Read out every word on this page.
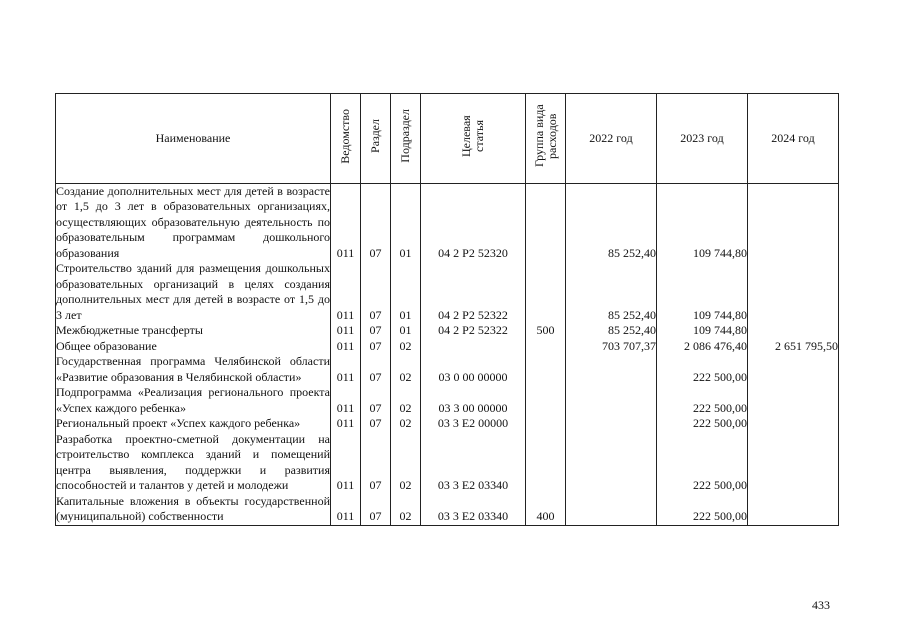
Наименование	Ведомство	Раздел	Подраздел	Целевая статья	Группа вида расходов	2022 год	2023 год	2024 год
Создание дополнительных мест для детей в возрасте от 1,5 до 3 лет в образовательных организациях, осуществляющих образовательную деятельность по образовательным программам дошкольного образования	011	07	01	04 2 Р2 52320		85 252,40	109 744,80	
Строительство зданий для размещения дошкольных образовательных организаций в целях создания дополнительных мест для детей в возрасте от 1,5 до 3 лет	011	07	01	04 2 Р2 52322		85 252,40	109 744,80	
Межбюджетные трансферты	011	07	01	04 2 Р2 52322	500	85 252,40	109 744,80	
Общее образование	011	07	02			703 707,37	2 086 476,40	2 651 795,50
Государственная программа Челябинской области «Развитие образования в Челябинской области»	011	07	02	03 0 00 00000			222 500,00	
Подпрограмма «Реализация регионального проекта «Успех каждого ребенка»	011	07	02	03 3 00 00000			222 500,00	
Региональный проект «Успех каждого ребенка»	011	07	02	03 3 Е2 00000			222 500,00	
Разработка проектно-сметной документации на строительство комплекса зданий и помещений центра выявления, поддержки и развития способностей и талантов у детей и молодежи	011	07	02	03 3 Е2 03340			222 500,00	
Капитальные вложения в объекты государственной (муниципальной) собственности	011	07	02	03 3 Е2 03340	400		222 500,00	
433
